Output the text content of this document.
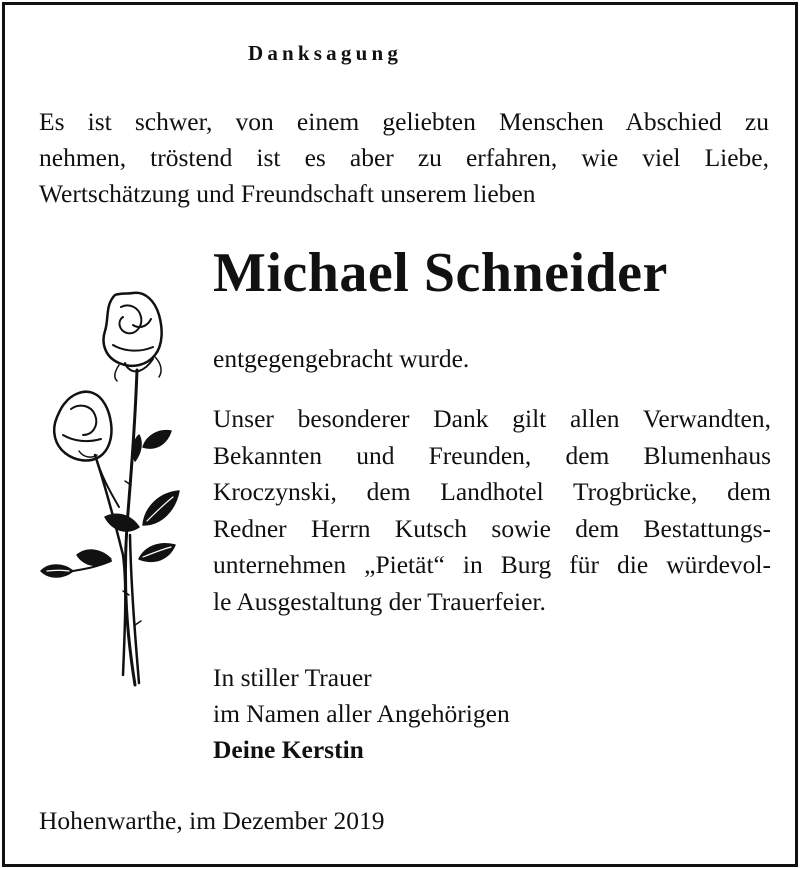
Danksagung
Es ist schwer, von einem geliebten Menschen Abschied zu
nehmen, tröstend ist es aber zu erfahren, wie viel Liebe,
Wertschätzung und Freundschaft unserem lieben
Michael Schneider
entgegengebracht wurde.
Unser besonderer Dank gilt allen Verwandten,
Bekannten und Freunden, dem Blumenhaus
Kroczynski, dem Landhotel Trogbrücke, dem
Redner Herrn Kutsch sowie dem Bestattungs-
unternehmen „Pietät“ in Burg für die würdevol-
le Ausgestaltung der Trauerfeier.
In stiller Trauer
im Namen aller Angehörigen
Deine Kerstin
Hohenwarthe, im Dezember 2019
